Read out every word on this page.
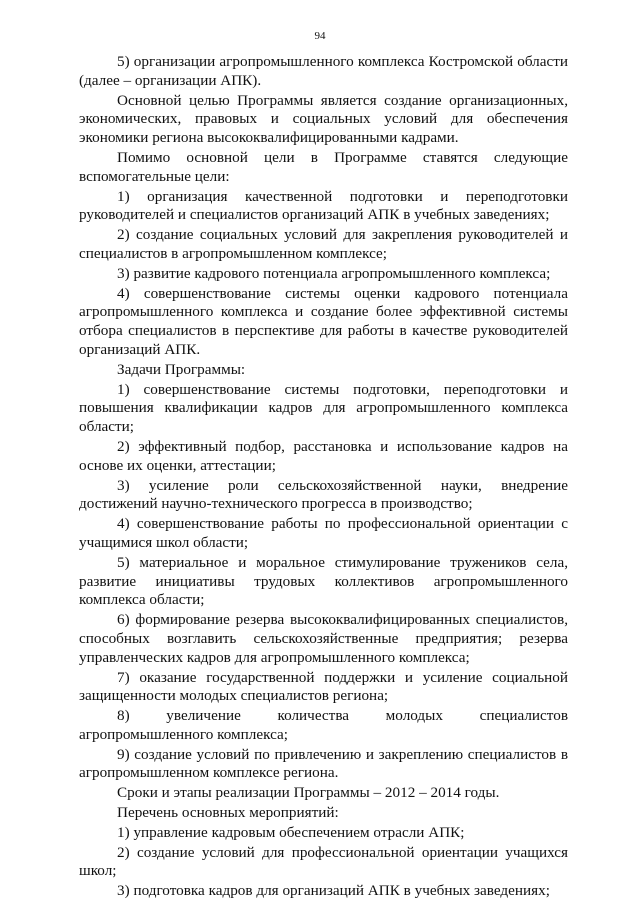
94

5) организации агропромышленного комплекса Костромской области (далее – организации АПК).

Основной целью Программы является создание организационных, экономических, правовых и социальных условий для обеспечения экономики региона высококвалифицированными кадрами.

Помимо основной цели в Программе ставятся следующие вспомогательные цели:

1) организация качественной подготовки и переподготовки руководителей и специалистов организаций АПК в учебных заведениях;

2) создание социальных условий для закрепления руководителей и специалистов в агропромышленном комплексе;

3) развитие кадрового потенциала агропромышленного комплекса;

4) совершенствование системы оценки кадрового потенциала агропромышленного комплекса и создание более эффективной системы отбора специалистов в перспективе для работы в качестве руководителей организаций АПК.

Задачи Программы:

1) совершенствование системы подготовки, переподготовки и повышения квалификации кадров для агропромышленного комплекса области;

2) эффективный подбор, расстановка и использование кадров на основе их оценки, аттестации;

3) усиление роли сельскохозяйственной науки, внедрение достижений научно-технического прогресса в производство;

4) совершенствование работы по профессиональной ориентации с учащимися школ области;

5) материальное и моральное стимулирование тружеников села, развитие инициативы трудовых коллективов агропромышленного комплекса области;

6) формирование резерва высококвалифицированных специалистов, способных возглавить сельскохозяйственные предприятия; резерва управленческих кадров для агропромышленного комплекса;

7) оказание государственной поддержки и усиление социальной защищенности молодых специалистов региона;

8) увеличение количества молодых специалистов агропромышленного комплекса;

9) создание условий по привлечению и закреплению специалистов в агропромышленном комплексе региона.

Сроки и этапы реализации Программы – 2012 – 2014 годы.

Перечень основных мероприятий:

1) управление кадровым обеспечением отрасли АПК;

2) создание условий для профессиональной ориентации учащихся школ;

3) подготовка кадров для организаций АПК в учебных заведениях;
